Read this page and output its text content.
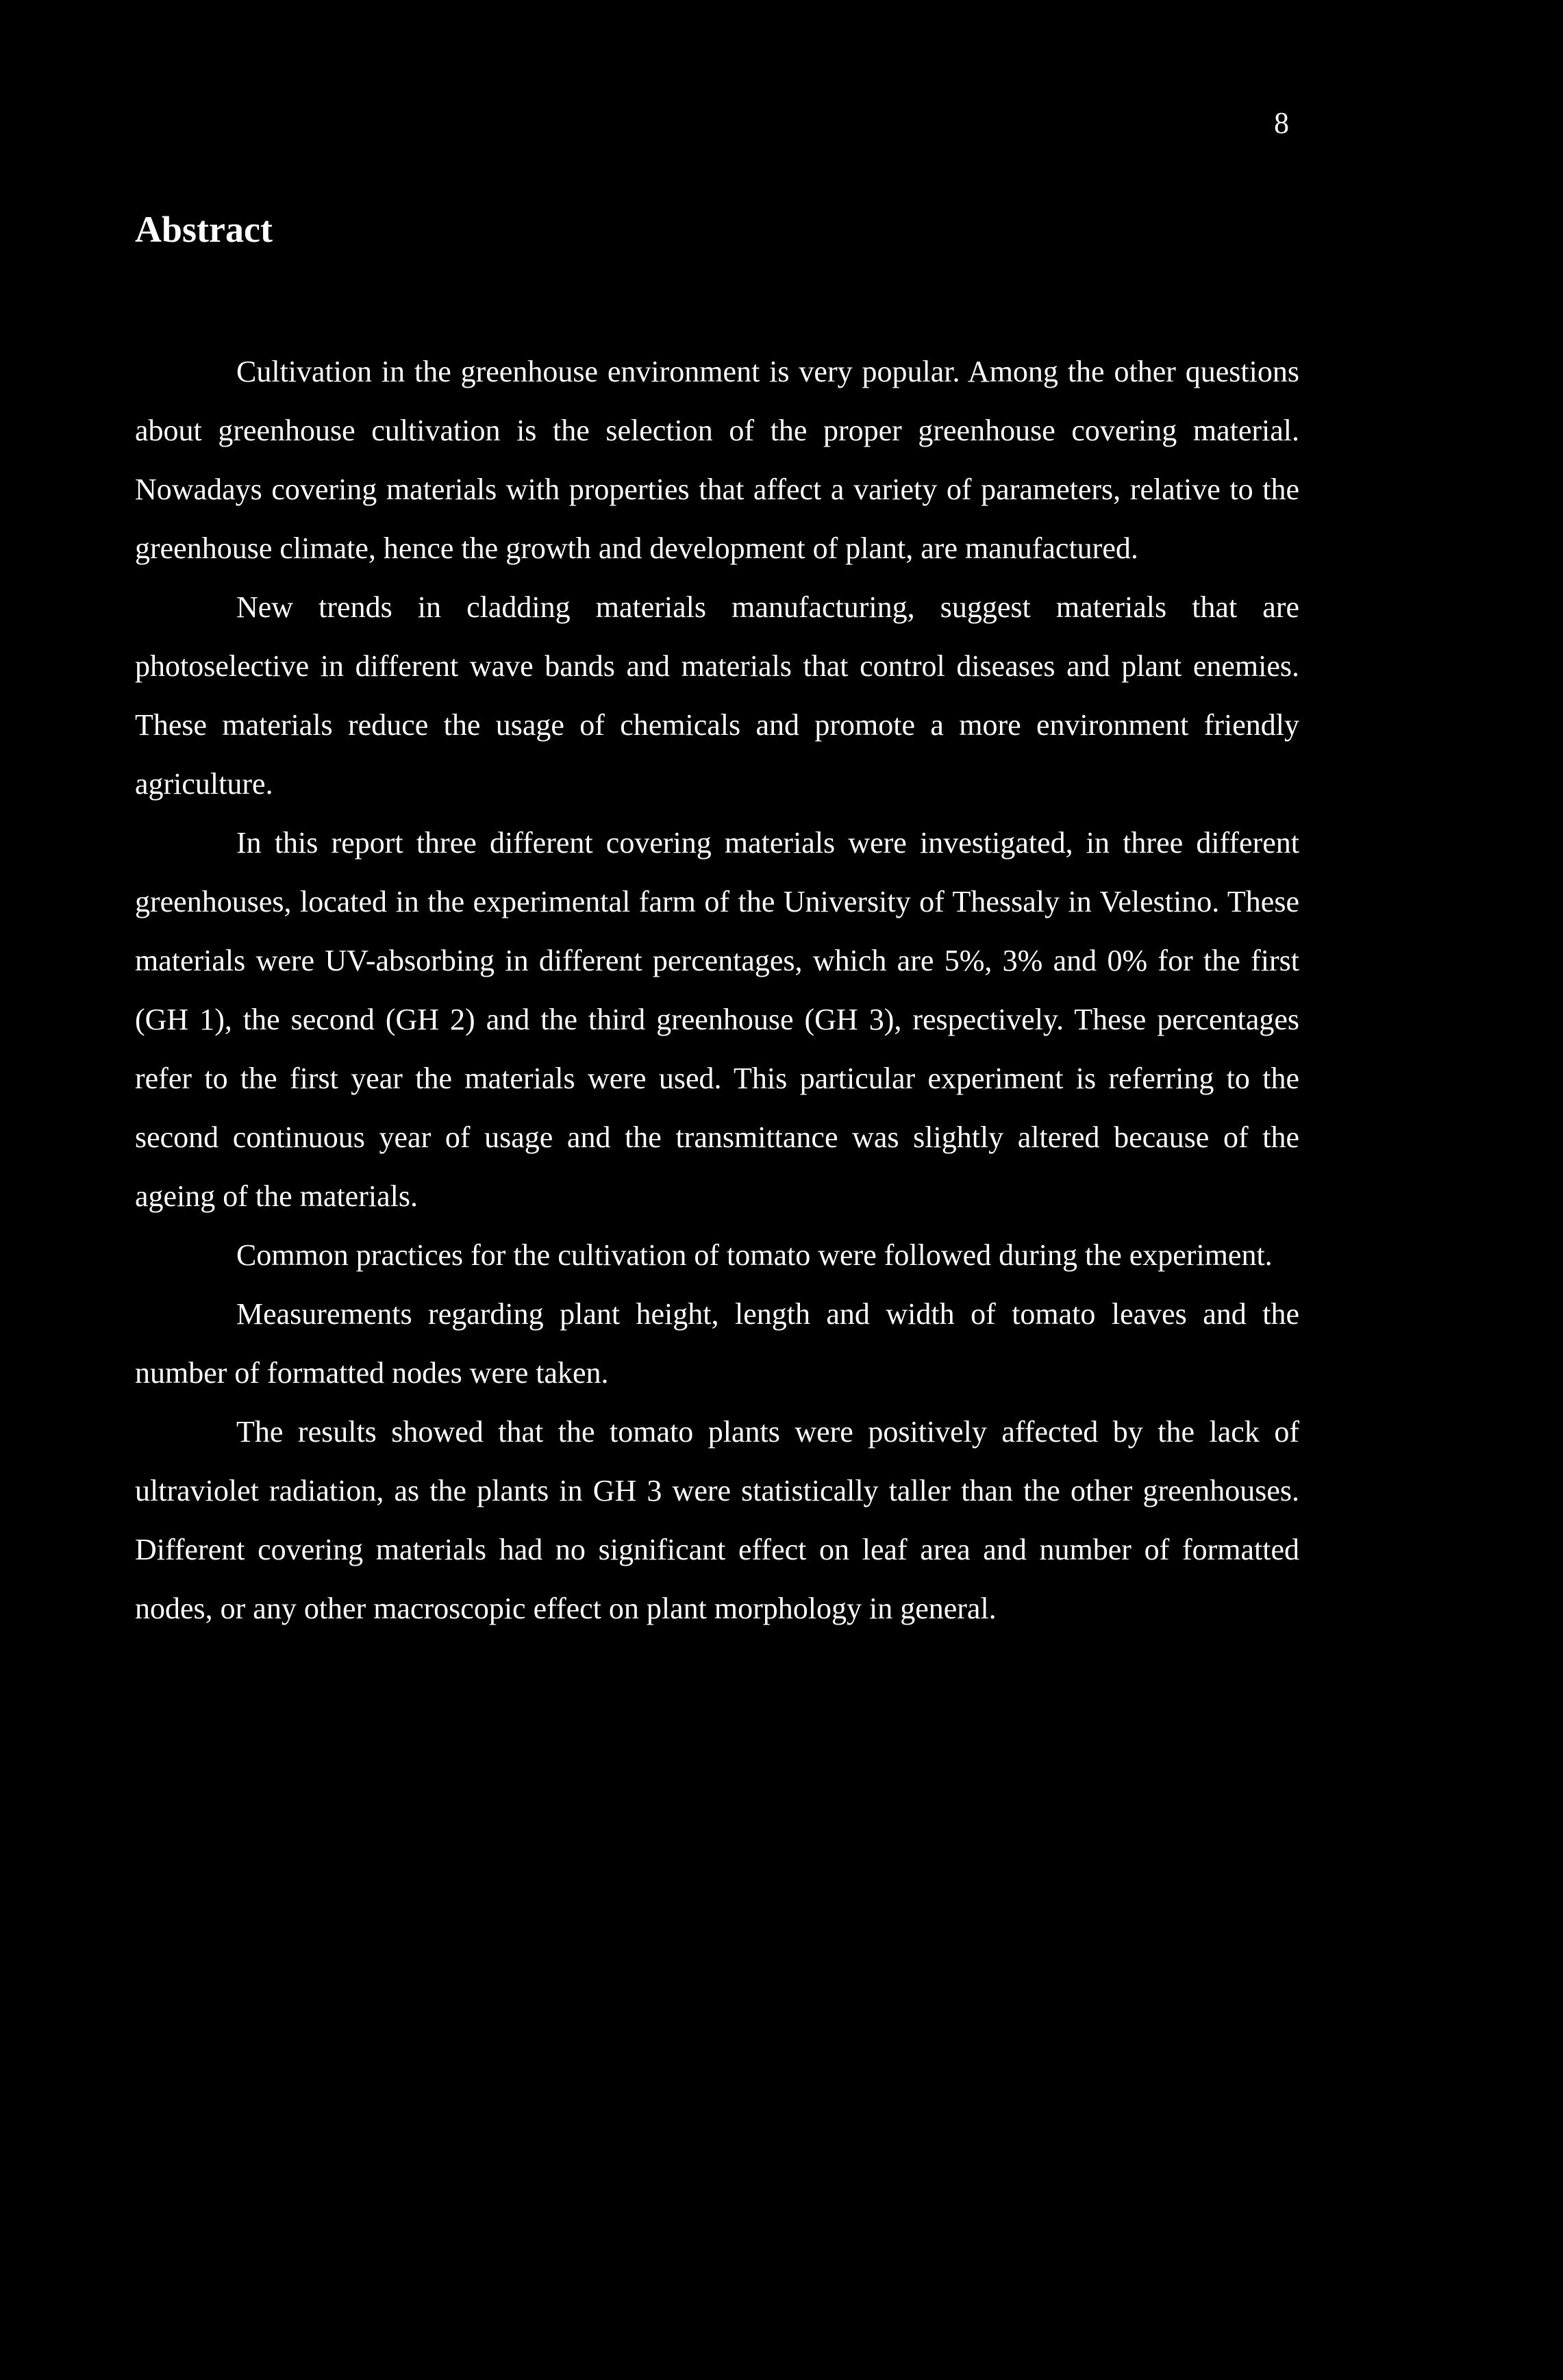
8
Abstract

Cultivation in the greenhouse environment is very popular. Among the other questions about greenhouse cultivation is the selection of the proper greenhouse covering material. Nowadays covering materials with properties that affect a variety of parameters, relative to the greenhouse climate, hence the growth and development of plant, are manufactured.

New trends in cladding materials manufacturing, suggest materials that are photoselective in different wave bands and materials that control diseases and plant enemies. These materials reduce the usage of chemicals and promote a more environment friendly agriculture.

In this report three different covering materials were investigated, in three different greenhouses, located in the experimental farm of the University of Thessaly in Velestino. These materials were UV-absorbing in different percentages, which are 5%, 3% and 0% for the first (GH 1), the second (GH 2) and the third greenhouse (GH 3), respectively. These percentages refer to the first year the materials were used. This particular experiment is referring to the second continuous year of usage and the transmittance was slightly altered because of the ageing of the materials.

Common practices for the cultivation of tomato were followed during the experiment.

Measurements regarding plant height, length and width of tomato leaves and the number of formatted nodes were taken.

The results showed that the tomato plants were positively affected by the lack of ultraviolet radiation, as the plants in GH 3 were statistically taller than the other greenhouses. Different covering materials had no significant effect on leaf area and number of formatted nodes, or any other macroscopic effect on plant morphology in general.
